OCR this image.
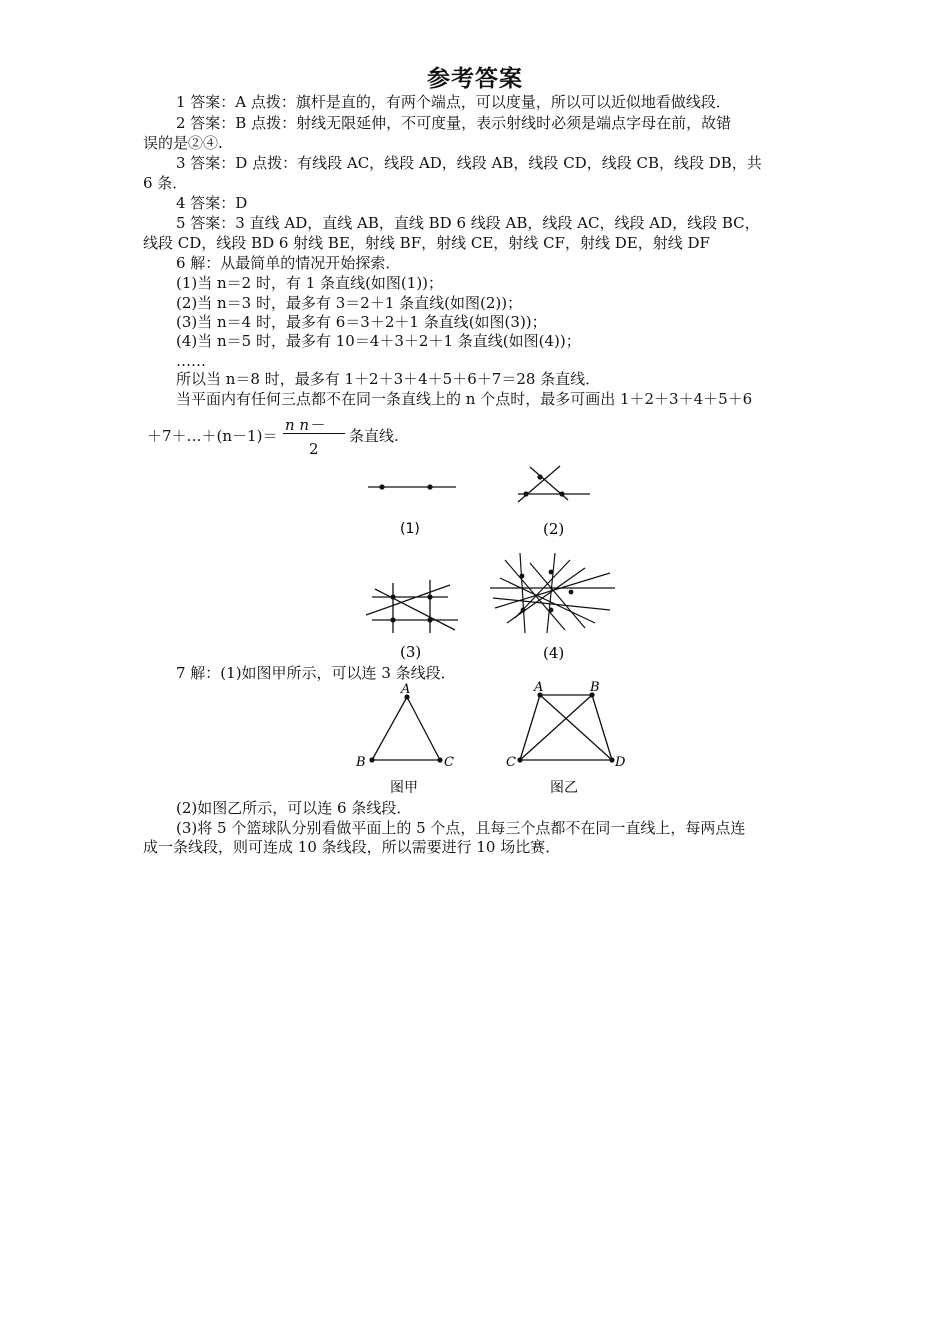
参考答案
1 答案：A 点拨：旗杆是直的，有两个端点，可以度量，所以可以近似地看做线段．
2 答案：B 点拨：射线无限延伸，不可度量，表示射线时必须是端点字母在前，故错
误的是②④.
3 答案：D 点拨：有线段 AC，线段 AD，线段 AB，线段 CD，线段 CB，线段 DB，共
6 条．
4 答案：D
5 答案：3 直线 AD，直线 AB，直线 BD 6 线段 AB，线段 AC，线段 AD，线段 BC，
线段 CD，线段 BD 6 射线 BE，射线 BF，射线 CE，射线 CF，射线 DE，射线 DF
6 解：从最简单的情况开始探索．
(1)当 n＝2 时，有 1 条直线(如图(1))；
(2)当 n＝3 时，最多有 3＝2＋1 条直线(如图(2))；
(3)当 n＝4 时，最多有 6＝3＋2＋1 条直线(如图(3))；
(4)当 n＝5 时，最多有 10＝4＋3＋2＋1 条直线(如图(4))；
……
所以当 n＝8 时，最多有 1＋2＋3＋4＋5＋6＋7＝28 条直线．
当平面内有任何三点都不在同一条直线上的 n 个点时，最多可画出 1＋2＋3＋4＋5＋6
＋7＋…＋(n－1)＝
n n－
2
条直线.
(1)	(2)
(3)	(4)
7 解：(1)如图甲所示，可以连 3 条线段．
A
B	C
图甲
A	B
C	D
图乙
(2)如图乙所示，可以连 6 条线段．
(3)将 5 个篮球队分别看做平面上的 5 个点，且每三个点都不在同一直线上，每两点连
成一条线段，则可连成 10 条线段，所以需要进行 10 场比赛．
